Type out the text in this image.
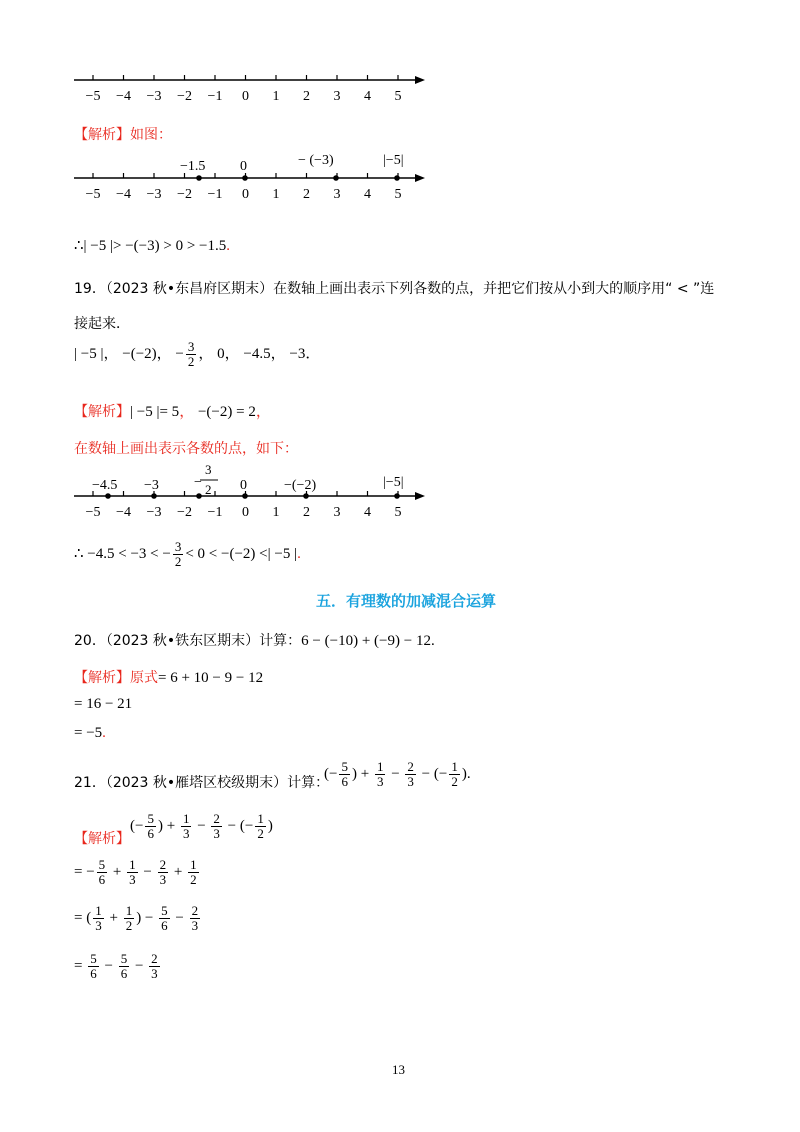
−5 −4 −3 −2 −1 0 1 2 3 4 5
【解析】如图：
−5 −4 −3 −2 −1 0 1 2 3 4 5
−1.5 0	− (−3)	|−5|
∴| −5 |> −(−3) > 0 > −1.5.
19．（2023 秋•东昌府区期末）在数轴上画出表示下列各数的点，并把它们按从小到大的顺序用“ < ”连
接起来．
| −5 |， −(−2)， − $\frac{3}{2}$ ， 0， −4.5， −3．
【解析】| −5 |= 5， −(−2) = 2，
在数轴上画出表示各数的点，如下：
−5 −4 −3 −2 −1 0 1 2 3 4 5
−4.5 −3	−
3
2 0	−(−2)	|−5|
∴ −4.5 < −3 < − $\frac{3}{2} < 0 < -(-2)$ <| −5 |.
五．有理数的加减混合运算
20．（2023 秋•铁东区期末）计算：6 − (−10) + (−9) − 12.
【解析】原式= 6 + 10 − 9 − 12
= 16 − 21
= −5.
21．（2023 秋•雁塔区校级期末）计算：
(− $\frac{5}{6}$ ) + $\frac{1}{3} - \frac{2}{3}$ − (− $\frac{1}{2}$ ).
【解析】
(− $\frac{5}{6}$ ) + $\frac{1}{3} - \frac{2}{3}$ − (− $\frac{1}{2}$ )
= − $\frac{5}{6} + \frac{1}{3} - \frac{2}{3} + \frac{1}{2}$
= ( $\frac{1}{3} + \frac{1}{2}$ ) − $\frac{5}{6} - \frac{2}{3}$
= $\frac{5}{6} - \frac{5}{6} - \frac{2}{3}$
13
